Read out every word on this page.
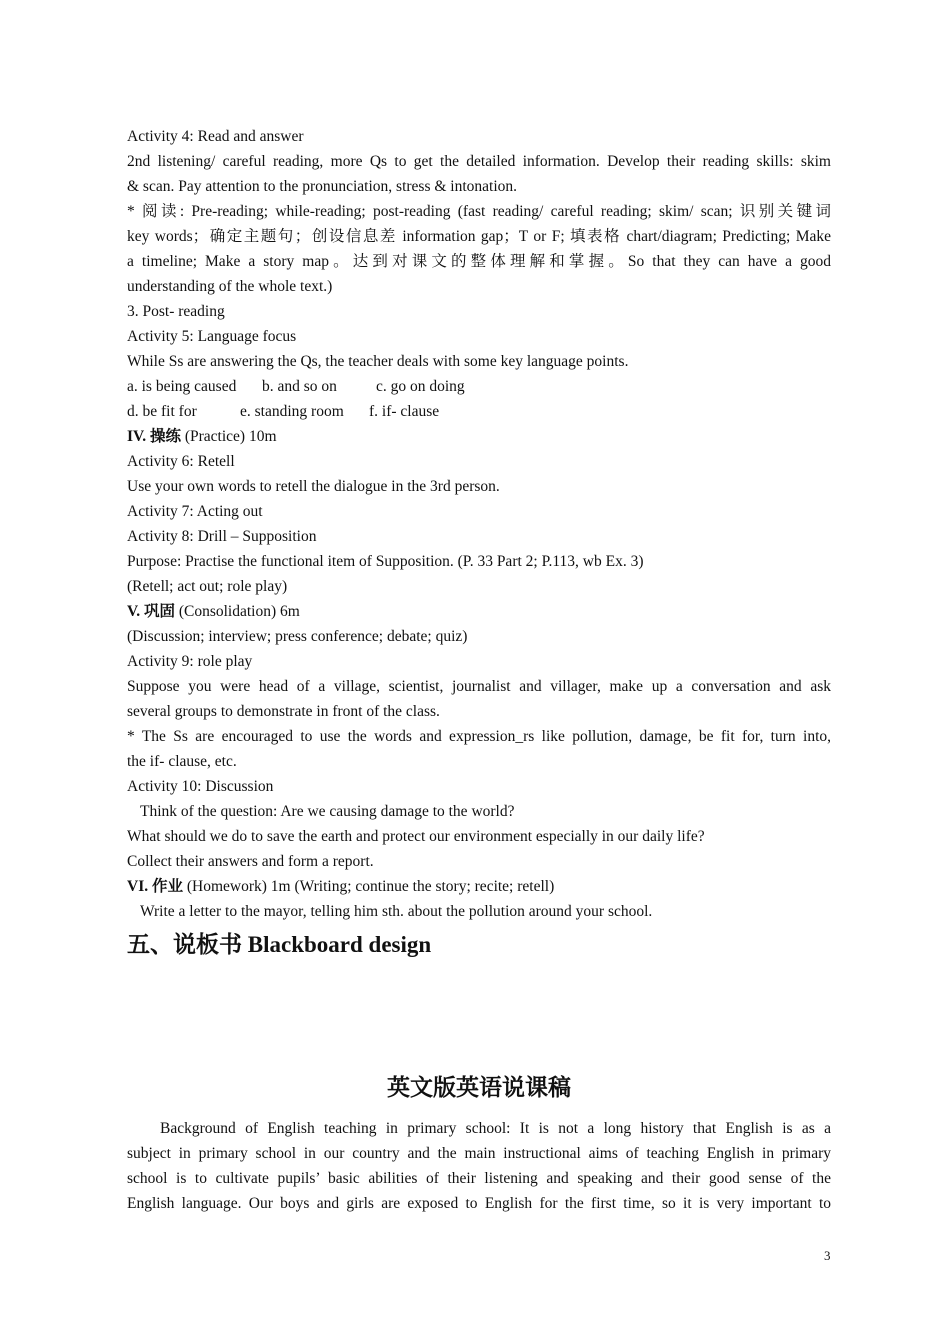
Activity 4: Read and answer
2nd listening/ careful reading, more Qs to get the detailed information. Develop their reading skills: skim
& scan. Pay attention to the pronunciation, stress & intonation.
* 阅读: Pre-reading; while-reading; post-reading (fast reading/ careful reading; skim/ scan; 识别关键词
key words；确定主题句；创设信息差 information gap；T or F; 填表格 chart/diagram; Predicting; Make
a timeline; Make a story map。达到对课文的整体理解和掌握。So that they can have a good
understanding of the whole text.)
3. Post- reading
Activity 5: Language focus
While Ss are answering the Qs, the teacher deals with some key language points.
a. is being caused b. and so on	c. go on doing
d. be fit for	e. standing room f. if- clause
IV. 操练 (Practice) 10m
Activity 6: Retell
Use your own words to retell the dialogue in the 3rd person.
Activity 7: Acting out
Activity 8: Drill – Supposition
Purpose: Practise the functional item of Supposition. (P. 33 Part 2; P.113, wb Ex. 3)
(Retell; act out; role play)
V. 巩固 (Consolidation) 6m
(Discussion; interview; press conference; debate; quiz)
Activity 9: role play
Suppose you were head of a village, scientist, journalist and villager, make up a conversation and ask
several groups to demonstrate in front of the class.
* The Ss are encouraged to use the words and expression_rs like pollution, damage, be fit for, turn into,
the if- clause, etc.
Activity 10: Discussion
Think of the question: Are we causing damage to the world?
What should we do to save the earth and protect our environment especially in our daily life?
Collect their answers and form a report.
VI. 作业 (Homework) 1m (Writing; continue the story; recite; retell)
Write a letter to the mayor, telling him sth. about the pollution around your school.
五、说板书 Blackboard design
英文版英语说课稿
Background of English teaching in primary school: It is not a long history that English is as a
subject in primary school in our country and the main instructional aims of teaching English in primary
school is to cultivate pupils’ basic abilities of their listening and speaking and their good sense of the
English language. Our boys and girls are exposed to English for the first time, so it is very important to
3
